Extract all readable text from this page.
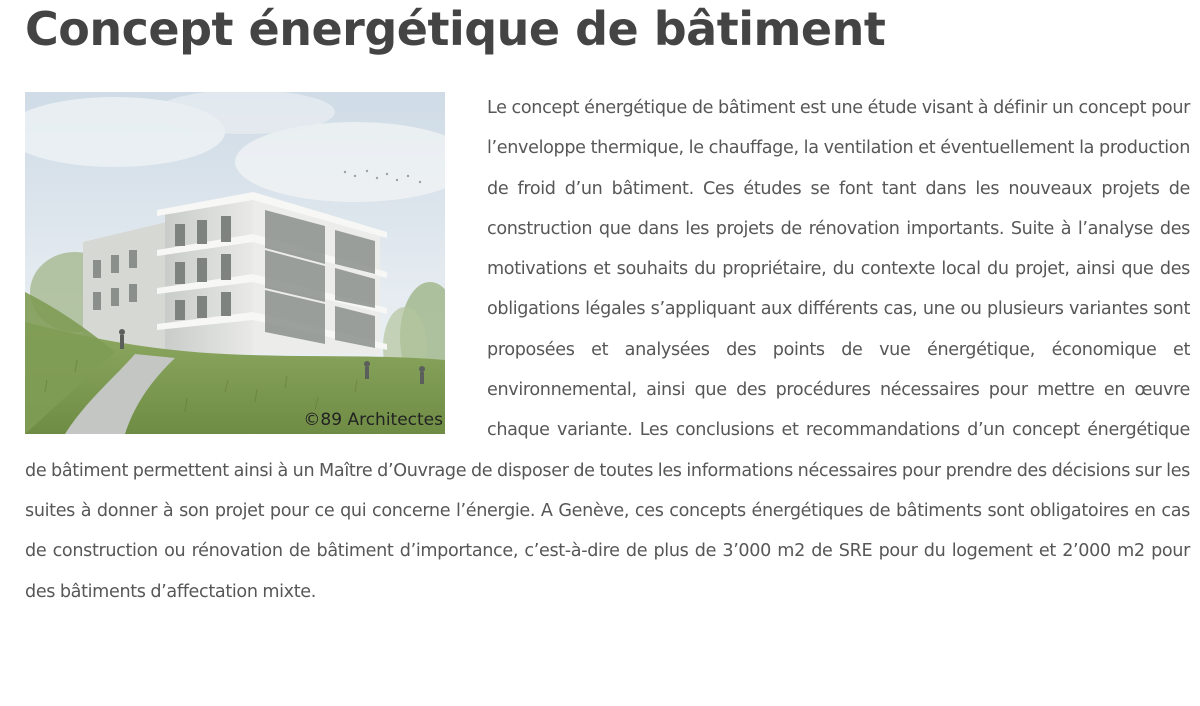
Concept énergétique de bâtiment
©89 Architectes

Le concept énergétique de bâtiment est une étude visant à définir un concept pour l’enveloppe thermique, le chauffage, la ventilation et éventuellement la production de froid d’un bâtiment. Ces études se font tant dans les nouveaux projets de construction que dans les projets de rénovation importants. Suite à l’analyse des motivations et souhaits du propriétaire, du contexte local du projet, ainsi que des obligations légales s’appliquant aux différents cas, une ou plusieurs variantes sont proposées et analysées des points de vue énergétique, économique et environnemental, ainsi que des procédures nécessaires pour mettre en œuvre chaque variante. Les conclusions et recommandations d’un concept énergétique de bâtiment permettent ainsi à un Maître d’Ouvrage de disposer de toutes les informations nécessaires pour prendre des décisions sur les suites à donner à son projet pour ce qui concerne l’énergie. A Genève, ces concepts énergétiques de bâtiments sont obligatoires en cas de construction ou rénovation de bâtiment d’importance, c’est-à-dire de plus de 3’000 m2 de SRE pour du logement et 2’000 m2 pour des bâtiments d’affectation mixte.
